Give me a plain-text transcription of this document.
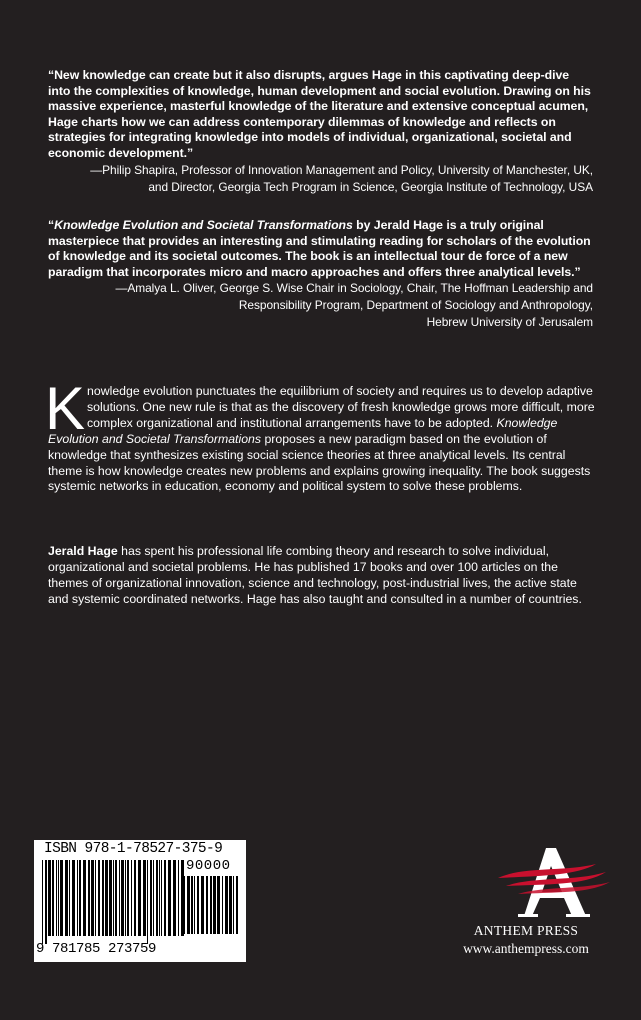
“New knowledge can create but it also disrupts, argues Hage in this captivating deep-dive into the complexities of knowledge, human development and social evolution. Drawing on his massive experience, masterful knowledge of the literature and extensive conceptual acumen, Hage charts how we can address contemporary dilemmas of knowledge and reflects on strategies for integrating knowledge into models of individual, organizational, societal and economic development.”

—Philip Shapira, Professor of Innovation Management and Policy, University of Manchester, UK,
and Director, Georgia Tech Program in Science, Georgia Institute of Technology, USA

“Knowledge Evolution and Societal Transformations by Jerald Hage is a truly original masterpiece that provides an interesting and stimulating reading for scholars of the evolution of knowledge and its societal outcomes. The book is an intellectual tour de force of a new paradigm that incorporates micro and macro approaches and offers three analytical levels.”

—Amalya L. Oliver, George S. Wise Chair in Sociology, Chair, The Hoffman Leadership and
Responsibility Program, Department of Sociology and Anthropology,
Hebrew University of Jerusalem

Knowledge evolution punctuates the equilibrium of society and requires us to develop adaptive solutions. One new rule is that as the discovery of fresh knowledge grows more difficult, more complex organizational and institutional arrangements have to be adopted. Knowledge Evolution and Societal Transformations proposes a new paradigm based on the evolution of knowledge that synthesizes existing social science theories at three analytical levels. Its central theme is how knowledge creates new problems and explains growing inequality. The book suggests systemic networks in education, economy and political system to solve these problems.

Jerald Hage has spent his professional life combing theory and research to solve individual, organizational and societal problems. He has published 17 books and over 100 articles on the themes of organizational innovation, science and technology, post-industrial lives, the active state and systemic coordinated networks. Hage has also taught and consulted in a number of countries.

ISBN 978-1-78527-375-9
90000
9 781785 273759
ANTHEM PRESS
www.anthempress.com
